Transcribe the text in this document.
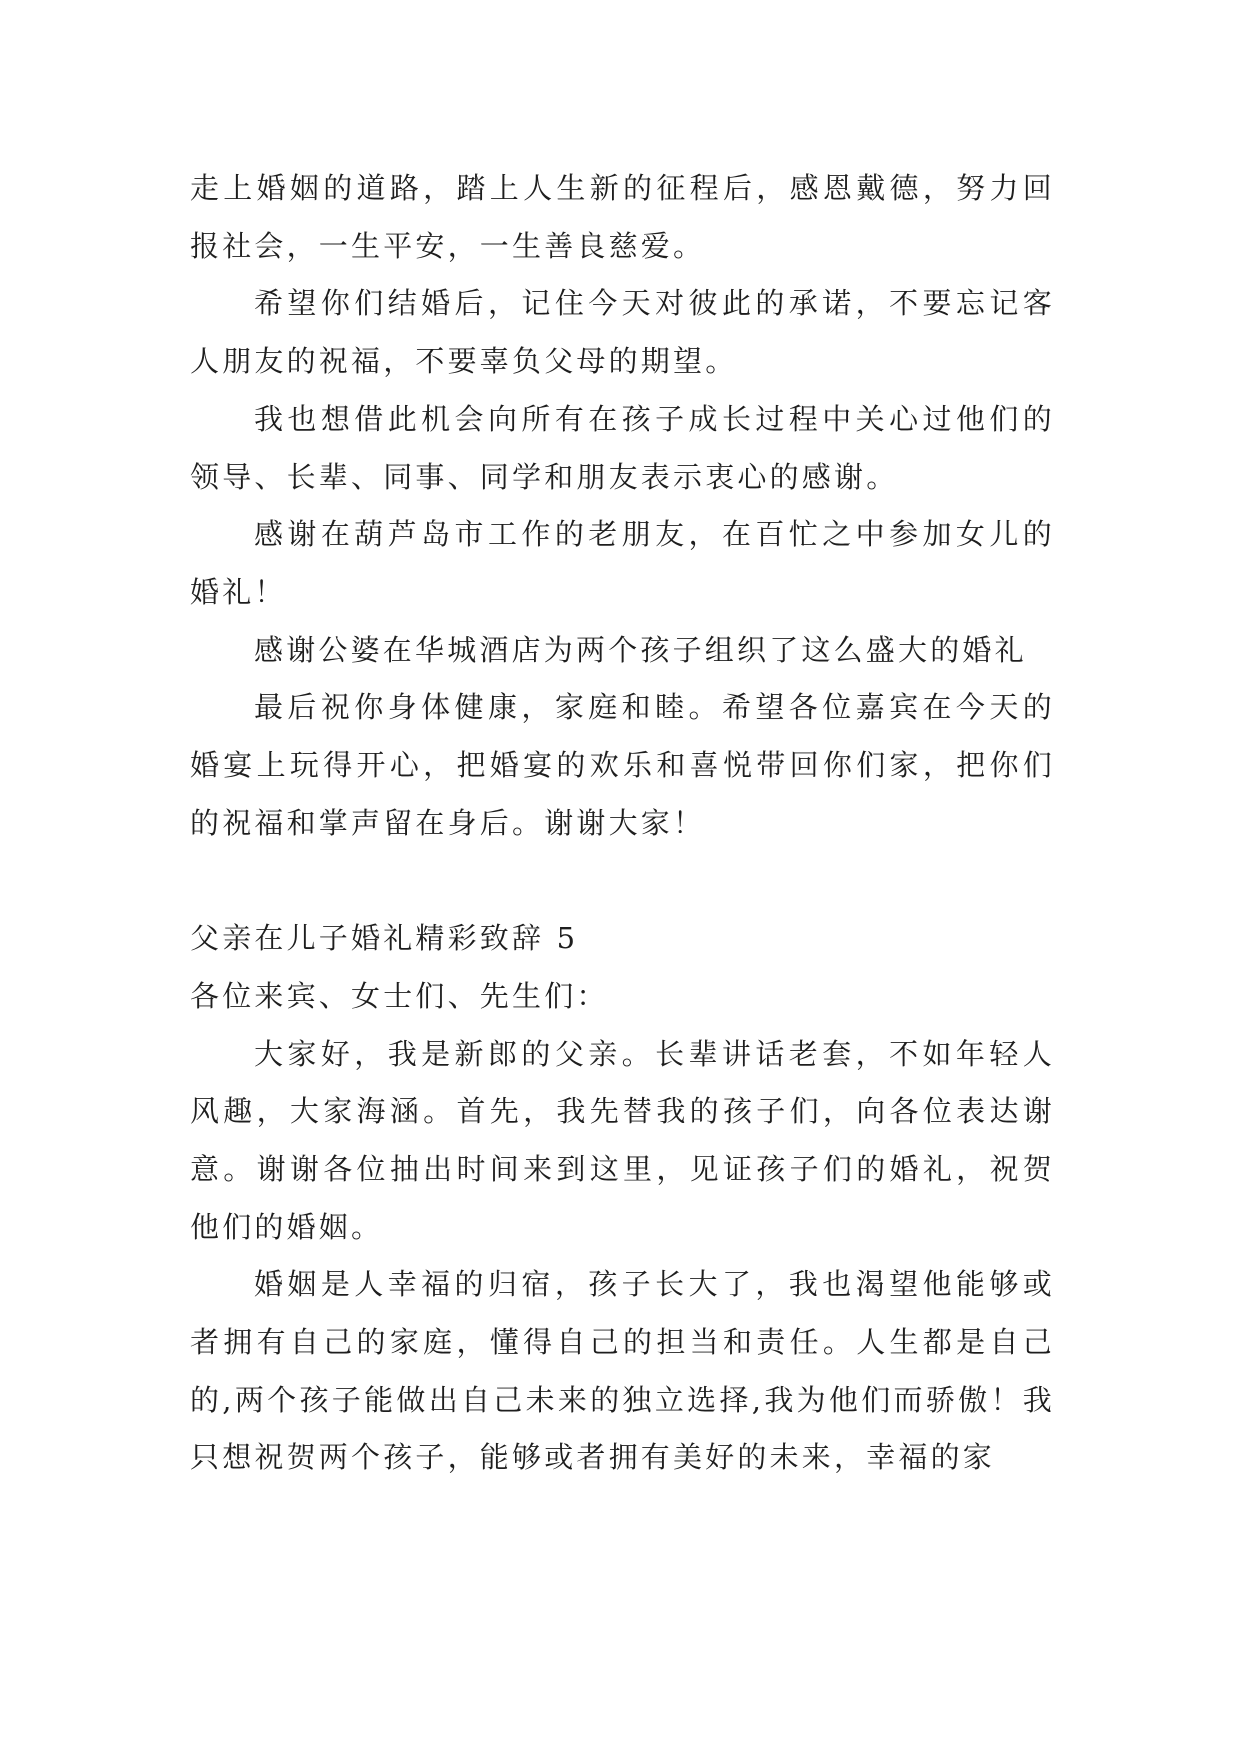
走上婚姻的道路，踏上人生新的征程后，感恩戴德，努力回报社会，一生平安，一生善良慈爱。

希望你们结婚后，记住今天对彼此的承诺，不要忘记客人朋友的祝福，不要辜负父母的期望。

我也想借此机会向所有在孩子成长过程中关心过他们的领导、长辈、同事、同学和朋友表示衷心的感谢。

感谢在葫芦岛市工作的老朋友，在百忙之中参加女儿的婚礼！

感谢公婆在华城酒店为两个孩子组织了这么盛大的婚礼

最后祝你身体健康，家庭和睦。希望各位嘉宾在今天的婚宴上玩得开心，把婚宴的欢乐和喜悦带回你们家，把你们的祝福和掌声留在身后。谢谢大家！

父亲在儿子婚礼精彩致辞 5

各位来宾、女士们、先生们：

大家好，我是新郎的父亲。长辈讲话老套，不如年轻人风趣，大家海涵。首先，我先替我的孩子们，向各位表达谢意。谢谢各位抽出时间来到这里，见证孩子们的婚礼，祝贺他们的婚姻。

婚姻是人幸福的归宿，孩子长大了，我也渴望他能够或者拥有自己的家庭，懂得自己的担当和责任。人生都是自己的,两个孩子能做出自己未来的独立选择,我为他们而骄傲！我只想祝贺两个孩子，能够或者拥有美好的未来，幸福的家
